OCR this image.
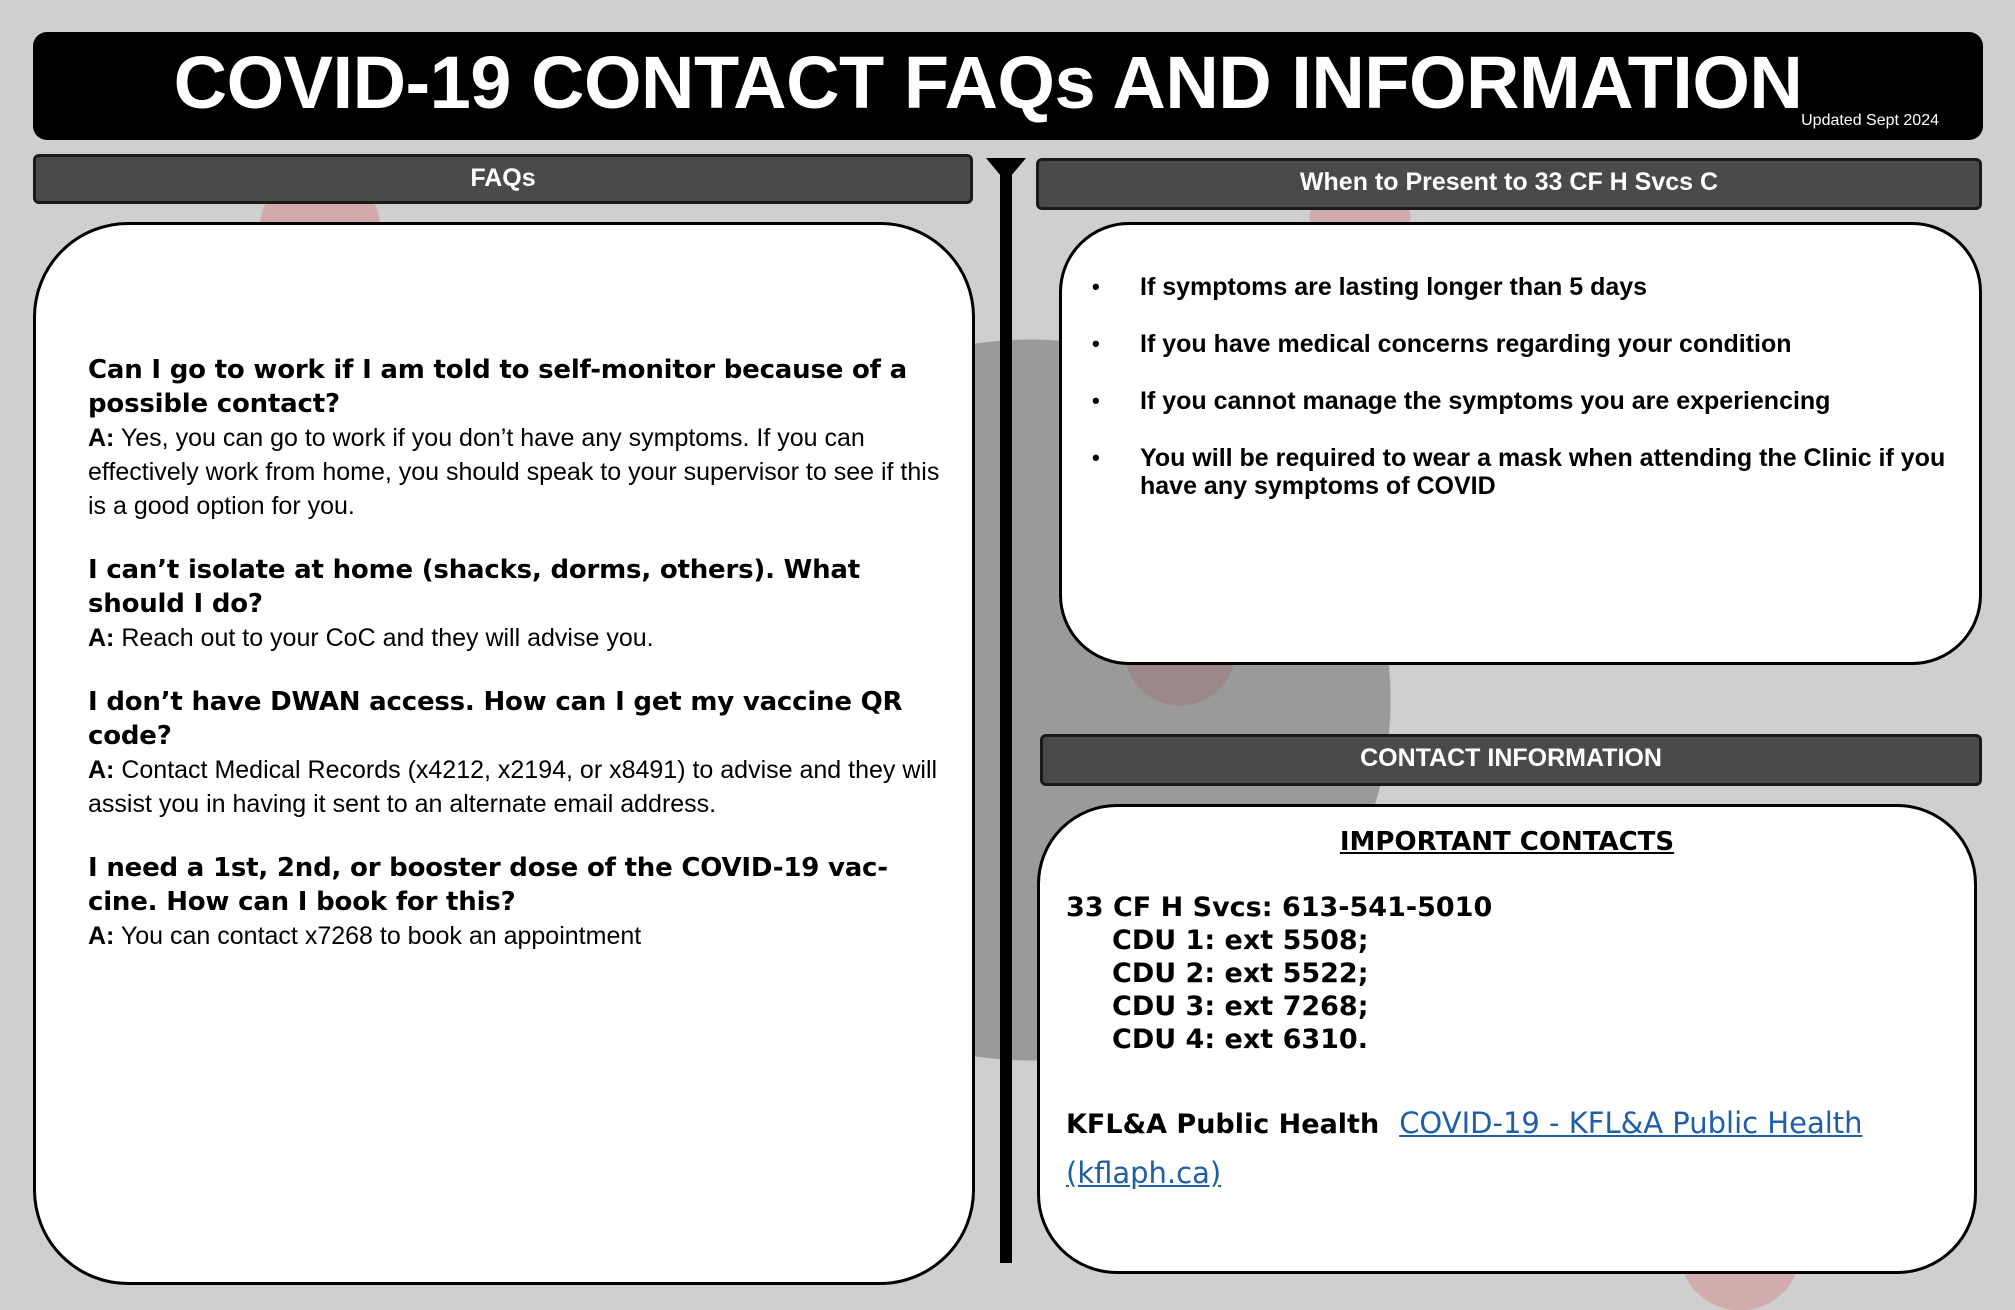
COVID-19 CONTACT FAQs AND INFORMATION
Updated Sept 2024
FAQs
Can I go to work if I am told to self-monitor because of a possible contact?
A: Yes, you can go to work if you don’t have any symptoms. If you can effectively work from home, you should speak to your supervisor to see if this is a good option for you.
I can’t isolate at home (shacks, dorms, others). What should I do?
A: Reach out to your CoC and they will advise you.
I don’t have DWAN access. How can I get my vaccine QR code?
A: Contact Medical Records (x4212, x2194, or x8491) to advise and they will assist you in having it sent to an alternate email address.
I need a 1st, 2nd, or booster dose of the COVID-19 vac-cine. How can I book for this?
A: You can contact x7268 to book an appointment
When to Present to 33 CF H Svcs C
• If symptoms are lasting longer than 5 days
• If you have medical concerns regarding your condition
• If you cannot manage the symptoms you are experiencing
• You will be required to wear a mask when attending the Clinic if you have any symptoms of COVID
CONTACT INFORMATION
IMPORTANT CONTACTS
33 CF H Svcs: 613-541-5010
CDU 1: ext 5508;
CDU 2: ext 5522;
CDU 3: ext 7268;
CDU 4: ext 6310.
KFL&A Public Health COVID-19 - KFL&A Public Health (kflaph.ca)
